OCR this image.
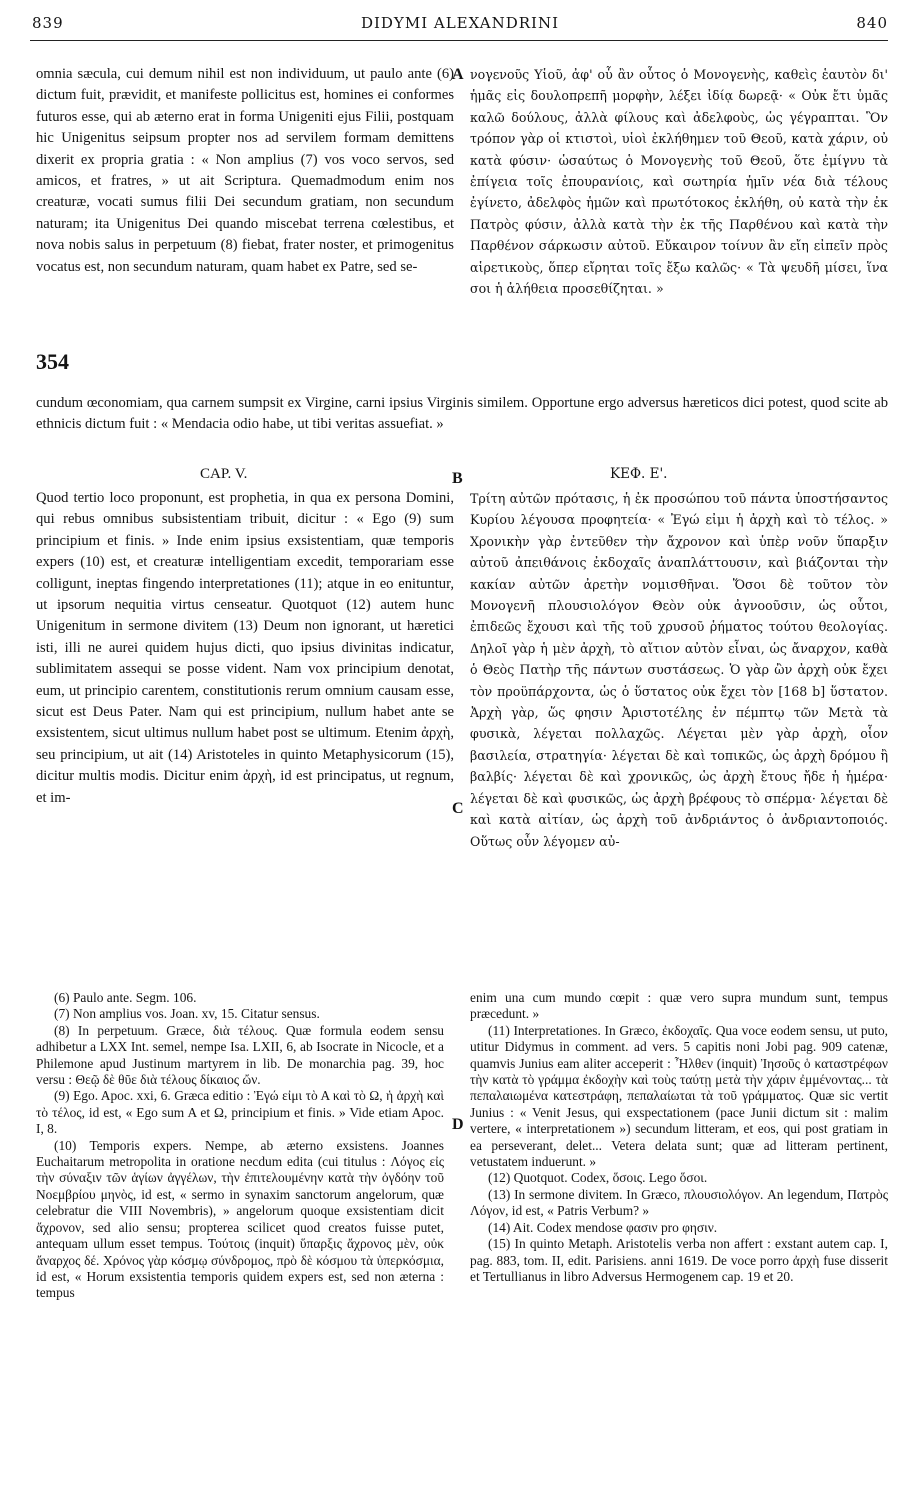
839	DIDYMI ALEXANDRINI	840
omnia sæcula, cui demum nihil est non individuum, ut paulo ante (6) dictum fuit, prævidit, et manifeste pollicitus est, homines ei conformes futuros esse, qui ab æterno erat in forma Unigeniti ejus Filii, postquam hic Unigenitus seipsum propter nos ad servilem formam demittens dixerit ex propria gratia : « Non amplius (7) vos voco servos, sed amicos, et fratres, » ut ait Scriptura. Quemadmodum enim nos creaturæ, vocati sumus filii Dei secundum gratiam, non secundum naturam; ita Unigenitus Dei quando miscebat terrena cœlestibus, et nova nobis salus in perpetuum (8) fiebat, frater noster, et primogenitus vocatus est, non secundum naturam, quam habet ex Patre, sed se-
νογενοῦς Υἱοῦ, ἀφ' οὗ ἂν οὗτος ὁ Μονογενὴς, καθεὶς ἑαυτὸν δι' ἡμᾶς εἰς δουλοπρεπῆ μορφὴν, λέξει ἰδίᾳ δωρεᾷ· « Οὐκ ἔτι ὑμᾶς καλῶ δούλους, ἀλλὰ φίλους καὶ ἀδελφοὺς, ὡς γέγραπται. Ὃν τρόπον γὰρ οἱ κτιστοὶ, υἱοὶ ἐκλήθημεν τοῦ Θεοῦ, κατὰ χάριν, οὐ κατὰ φύσιν· ὡσαύτως ὁ Μονογενὴς τοῦ Θεοῦ, ὅτε ἐμίγνυ τὰ ἐπίγεια τοῖς ἐπουρανίοις, καὶ σωτηρία ἡμῖν νέα διὰ τέλους ἐγίνετο, ἀδελφὸς ἡμῶν καὶ πρωτότοκος ἐκλήθη, οὐ κατὰ τὴν ἐκ Πατρὸς φύσιν, ἀλλὰ κατὰ τὴν ἐκ τῆς Παρθένου καὶ κατὰ τὴν Παρθένον σάρκωσιν αὐτοῦ. Εὔκαιρον τοίνυν ἂν εἴη εἰπεῖν πρὸς αἱρετικοὺς, ὅπερ εἴρηται τοῖς ἔξω καλῶς· « Τὰ ψευδῆ μίσει, ἵνα σοι ἡ ἀλήθεια προσεθίζηται. »
354
A
cundum œconomiam, qua carnem sumpsit ex Virgine, carni ipsius Virginis similem. Opportune ergo adversus hæreticos dici potest, quod scite ab ethnicis dictum fuit : « Mendacia odio habe, ut tibi veritas assuefiat. »
CAP. V.	ΚΕΦ. Ε'.
B
Quod tertio loco proponunt, est prophetia, in qua ex persona Domini, qui rebus omnibus subsistentiam tribuit, dicitur : « Ego (9) sum principium et finis. » Inde enim ipsius exsistentiam, quæ temporis expers (10) est, et creaturæ intelligentiam excedit, temporariam esse colligunt, ineptas fingendo interpretationes (11); atque in eo enituntur, ut ipsorum nequitia virtus censeatur. Quotquot (12) autem hunc Unigenitum in sermone divitem (13) Deum non ignorant, ut hæretici isti, illi ne aurei quidem hujus dicti, quo ipsius divinitas indicatur, sublimitatem assequi se posse vident. Nam vox principium denotat, eum, ut principio carentem, constitutionis rerum omnium causam esse, sicut est Deus Pater. Nam qui est principium, nullum habet ante se exsistentem, sicut ultimus nullum habet post se ultimum. Etenim ἀρχὴ, seu principium, ut ait (14) Aristoteles in quinto Metaphysicorum (15), dicitur multis modis. Dicitur enim ἀρχὴ, id est principatus, ut regnum, et im-
Τρίτη αὐτῶν πρότασις, ἡ ἐκ προσώπου τοῦ πάντα ὑποστήσαντος Κυρίου λέγουσα προφητεία· « Ἐγώ εἰμι ἡ ἀρχὴ καὶ τὸ τέλος. » Χρονικὴν γὰρ ἐντεῦθεν τὴν ἄχρονον καὶ ὑπὲρ νοῦν ὕπαρξιν αὐτοῦ ἀπειθάνοις ἐκδοχαῖς ἀναπλάττουσιν, καὶ βιάζονται τὴν κακίαν αὐτῶν ἀρετὴν νομισθῆναι. Ὅσοι δὲ τοῦτον τὸν Μονογενῆ πλουσιολόγον Θεὸν οὐκ ἀγνοοῦσιν, ὡς οὗτοι, ἐπιδεῶς ἔχουσι καὶ τῆς τοῦ χρυσοῦ ῥήματος τούτου θεολογίας. Δηλοῖ γὰρ ἡ μὲν ἀρχὴ, τὸ αἴτιον αὐτὸν εἶναι, ὡς ἄναρχον, καθὰ ὁ Θεὸς Πατὴρ τῆς πάντων συστάσεως. Ὁ γὰρ ὢν ἀρχὴ οὐκ ἔχει τὸν προϋπάρχοντα, ὡς ὁ ὕστατος οὐκ ἔχει τὸν [168 b] ὕστατον. Ἀρχὴ γὰρ, ὥς φησιν Ἀριστοτέλης ἐν πέμπτῳ τῶν Μετὰ τὰ φυσικὰ, λέγεται πολλαχῶς. Λέγεται μὲν γὰρ ἀρχὴ, οἷον βασιλεία, στρατηγία· λέγεται δὲ καὶ τοπικῶς, ὡς ἀρχὴ δρόμου ἢ βαλβίς· λέγεται δὲ καὶ χρονικῶς, ὡς ἀρχὴ ἔτους ἤδε ἡ ἡμέρα· λέγεται δὲ καὶ φυσικῶς, ὡς ἀρχὴ βρέφους τὸ σπέρμα· λέγεται δὲ καὶ κατὰ αἰτίαν, ὡς ἀρχὴ τοῦ ἀνδριάντος ὁ ἀνδριαντοποιός. Οὕτως οὖν λέγομεν αὐ-
C

(6) Paulo ante. Segm. 106.

(7) Non amplius vos. Joan. xv, 15. Citatur sensus.

(8) In perpetuum. Græce, διὰ τέλους. Quæ formula eodem sensu adhibetur a LXX Int. semel, nempe Isa. LXII, 6, ab Isocrate in Nicocle, et a Philemone apud Justinum martyrem in lib. De monarchia pag. 39, hoc versu : Θεῷ δὲ θῦε διὰ τέλους δίκαιος ὤν.

(9) Ego. Apoc. xxi, 6. Græca editio : Ἐγώ εἰμι τὸ Α καὶ τὸ Ω, ἡ ἀρχὴ καὶ τὸ τέλος, id est, « Ego sum A et Ω, principium et finis. » Vide etiam Apoc. I, 8.

(10) Temporis expers. Nempe, ab æterno exsistens. Joannes Euchaitarum metropolita in oratione necdum edita (cui titulus : Λόγος εἰς τὴν σύναξιν τῶν ἁγίων ἀγγέλων, τὴν ἐπιτελουμένην κατὰ τὴν ὀγδόην τοῦ Νοεμβρίου μηνὸς, id est, « sermo in synaxim sanctorum angelorum, quæ celebratur die VIII Novembris), » angelorum quoque exsistentiam dicit ἄχρονον, sed alio sensu; propterea scilicet quod creatos fuisse putet, antequam ullum esset tempus. Τούτοις (inquit) ὕπαρξις ἄχρονος μὲν, οὐκ ἄναρχος δέ. Χρόνος γὰρ κόσμῳ σύνδρομος, πρὸ δὲ κόσμου τὰ ὑπερκόσμια, id est, « Horum exsistentia temporis quidem expers est, sed non æterna : tempus

D

enim una cum mundo cœpit : quæ vero supra mundum sunt, tempus præcedunt. »

(11) Interpretationes. In Græco, ἐκδοχαῖς. Qua voce eodem sensu, ut puto, utitur Didymus in comment. ad vers. 5 capitis noni Jobi pag. 909 catenæ, quamvis Junius eam aliter acceperit : Ἦλθεν (inquit) Ἰησοῦς ὁ καταστρέφων τὴν κατὰ τὸ γράμμα ἐκδοχὴν καὶ τοὺς ταύτῃ μετὰ τὴν χάριν ἐμμένοντας... τὰ πεπαλαιωμένα κατεστράφη, πεπαλαίωται τὰ τοῦ γράμματος. Quæ sic vertit Junius : « Venit Jesus, qui exspectationem (pace Junii dictum sit : malim vertere, « interpretationem ») secundum litteram, et eos, qui post gratiam in ea perseverant, delet... Vetera delata sunt; quæ ad litteram pertinent, vetustatem induerunt. »

(12) Quotquot. Codex, ὅσοις. Lego ὅσοι.

(13) In sermone divitem. In Græco, πλουσιολόγον. An legendum, Πατρὸς Λόγον, id est, « Patris Verbum? »

(14) Ait. Codex mendose φασιν pro φησιν.

(15) In quinto Metaph. Aristotelis verba non affert : exstant autem cap. I, pag. 883, tom. II, edit. Parisiens. anni 1619. De voce porro ἀρχὴ fuse disserit et Tertullianus in libro Adversus Hermogenem cap. 19 et 20.
